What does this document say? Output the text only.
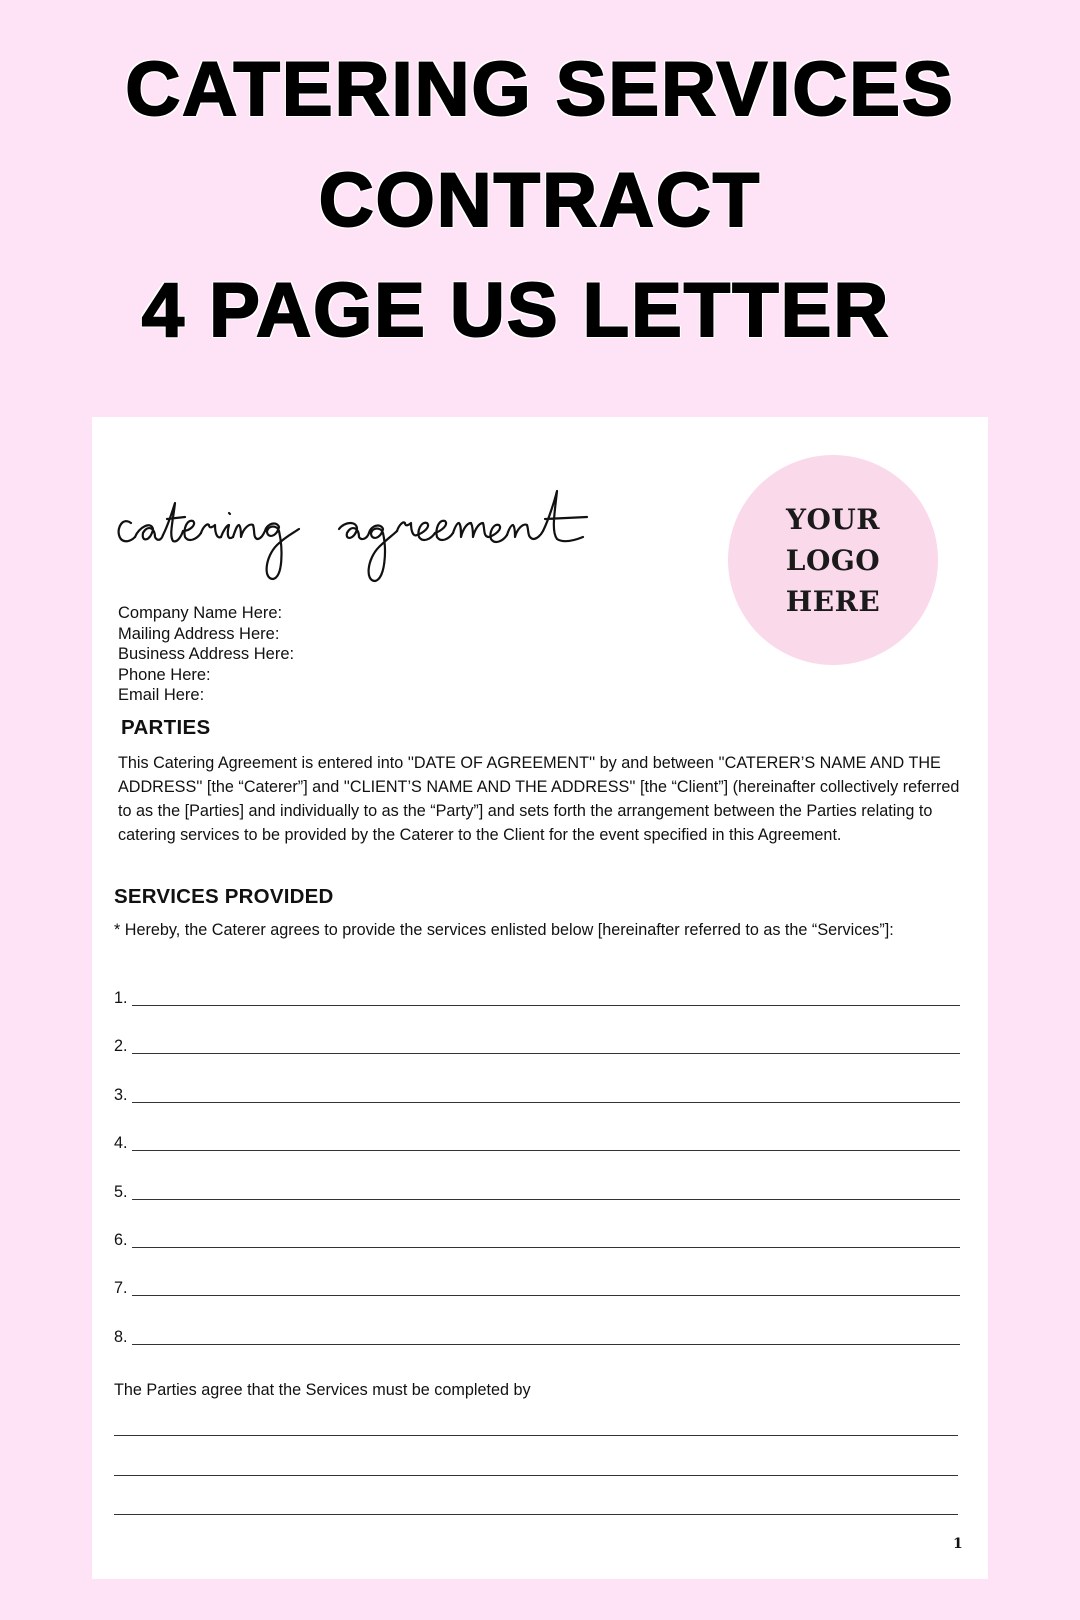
CATERING SERVICES
CONTRACT
4 PAGE US LETTER
YOUR
LOGO
HERE
Company Name Here:
Mailing Address Here:
Business Address Here:
Phone Here:
Email Here:
PARTIES
This Catering Agreement is entered into ''DATE OF AGREEMENT'' by and between ''CATERER’S NAME AND THE ADDRESS'' [the “Caterer”] and ''CLIENT’S NAME AND THE ADDRESS'' [the “Client”] (hereinafter collectively referred to as the [Parties] and individually to as the “Party”] and sets forth the arrangement between the Parties relating to catering services to be provided by the Caterer to the Client for the event specified in this Agreement.
SERVICES PROVIDED
* Hereby, the Caterer agrees to provide the services enlisted below [hereinafter referred to as the “Services”]:
1.
2.
3.
4.
5.
6.
7.
8.
The Parties agree that the Services must be completed by
1
